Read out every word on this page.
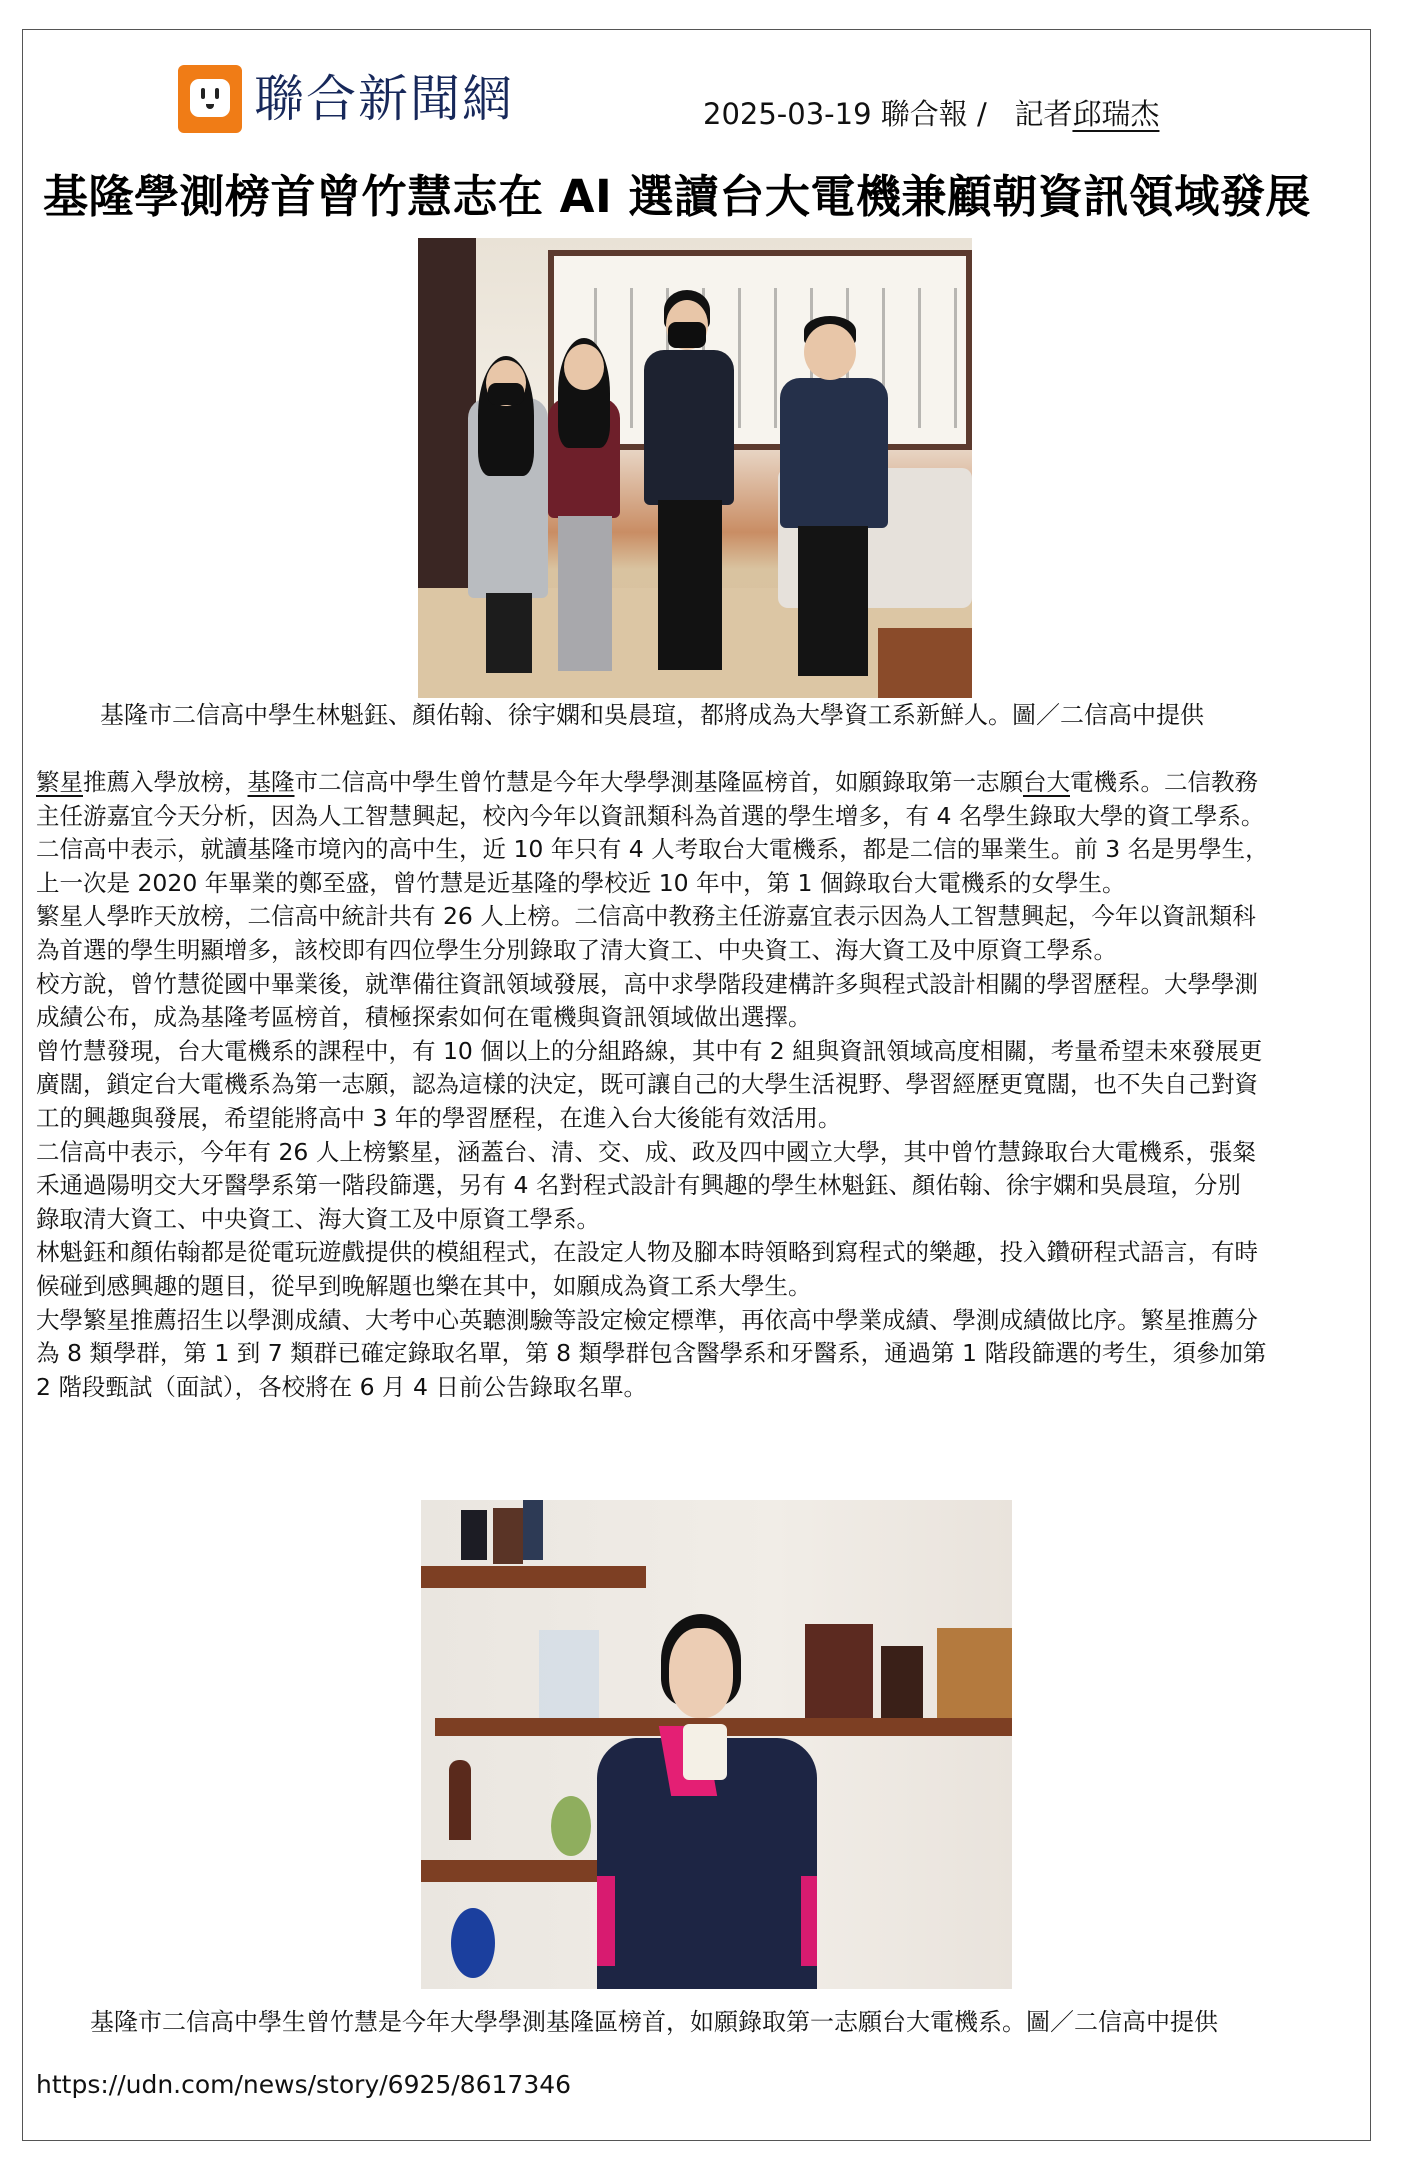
聯合新聞網	2025-03-19 聯合報 / 記者邱瑞杰
基隆學測榜首曾竹慧志在 AI 選讀台大電機兼顧朝資訊領域發展
基隆市二信高中學生林魁鈺、顏佑翰、徐宇嫻和吳晨瑄，都將成為大學資工系新鮮人。圖／二信高中提供
繁星推薦入學放榜，基隆市二信高中學生曾竹慧是今年大學學測基隆區榜首，如願錄取第一志願台大電機系。二信教務
主任游嘉宜今天分析，因為人工智慧興起，校內今年以資訊類科為首選的學生增多，有 4 名學生錄取大學的資工學系。
二信高中表示，就讀基隆市境內的高中生，近 10 年只有 4 人考取台大電機系，都是二信的畢業生。前 3 名是男學生，
上一次是 2020 年畢業的鄭至盛，曾竹慧是近基隆的學校近 10 年中，第 1 個錄取台大電機系的女學生。
繁星人學昨天放榜，二信高中統計共有 26 人上榜。二信高中教務主任游嘉宜表示因為人工智慧興起，今年以資訊類科
為首選的學生明顯增多，該校即有四位學生分別錄取了清大資工、中央資工、海大資工及中原資工學系。
校方說，曾竹慧從國中畢業後，就準備往資訊領域發展，高中求學階段建構許多與程式設計相關的學習歷程。大學學測
成績公布，成為基隆考區榜首，積極探索如何在電機與資訊領域做出選擇。
曾竹慧發現，台大電機系的課程中，有 10 個以上的分組路線，其中有 2 組與資訊領域高度相關，考量希望未來發展更
廣闊，鎖定台大電機系為第一志願，認為這樣的決定，既可讓自己的大學生活視野、學習經歷更寬闊，也不失自己對資
工的興趣與發展，希望能將高中 3 年的學習歷程，在進入台大後能有效活用。
二信高中表示，今年有 26 人上榜繁星，涵蓋台、清、交、成、政及四中國立大學，其中曾竹慧錄取台大電機系，張粲
禾通過陽明交大牙醫學系第一階段篩選，另有 4 名對程式設計有興趣的學生林魁鈺、顏佑翰、徐宇嫻和吳晨瑄，分別
錄取清大資工、中央資工、海大資工及中原資工學系。
林魁鈺和顏佑翰都是從電玩遊戲提供的模組程式，在設定人物及腳本時領略到寫程式的樂趣，投入鑽研程式語言，有時
候碰到感興趣的題目，從早到晚解題也樂在其中，如願成為資工系大學生。
大學繁星推薦招生以學測成績、大考中心英聽測驗等設定檢定標準，再依高中學業成績、學測成績做比序。繁星推薦分
為 8 類學群，第 1 到 7 類群已確定錄取名單，第 8 類學群包含醫學系和牙醫系，通過第 1 階段篩選的考生，須參加第
2 階段甄試（面試），各校將在 6 月 4 日前公告錄取名單。
基隆市二信高中學生曾竹慧是今年大學學測基隆區榜首，如願錄取第一志願台大電機系。圖／二信高中提供
https://udn.com/news/story/6925/8617346
